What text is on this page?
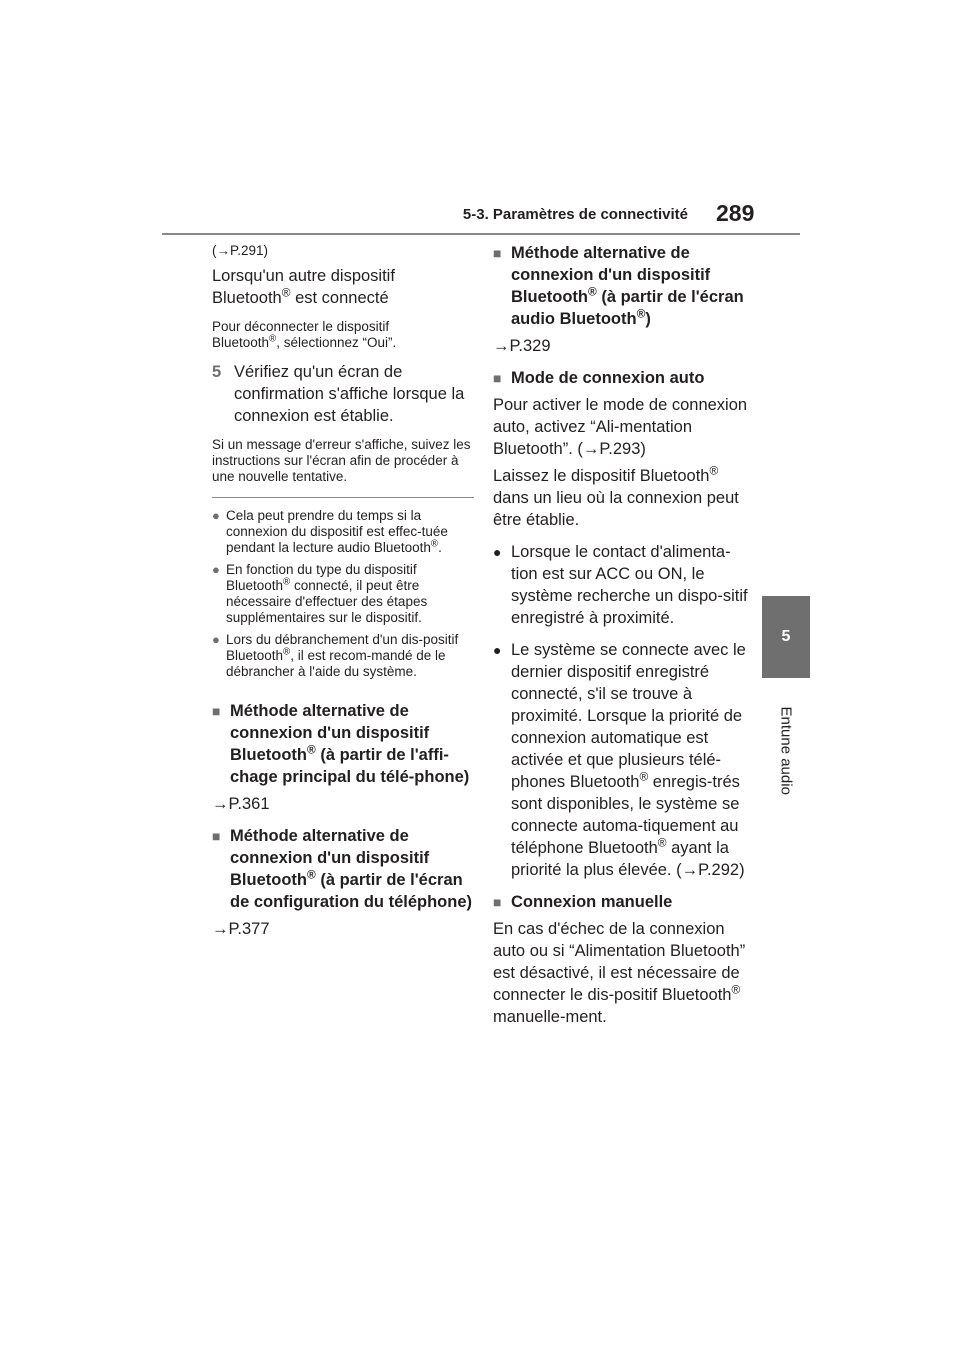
5-3. Paramètres de connectivité 289
5
Entune audio

(→P.291)

Lorsqu'un autre dispositif
Bluetooth® est connecté

Pour déconnecter le dispositif
Bluetooth®, sélectionnez “Oui”.

5 Vérifiez qu'un écran de confirmation s'affiche lorsque la connexion est établie.

Si un message d'erreur s'affiche, suivez les instructions sur l'écran afin de procéder à une nouvelle tentative.

● Cela peut prendre du temps si la connexion du dispositif est effec-tuée pendant la lecture audio Bluetooth®.
● En fonction du type du dispositif Bluetooth® connecté, il peut être nécessaire d'effectuer des étapes supplémentaires sur le dispositif.
● Lors du débranchement d'un dis-positif Bluetooth®, il est recom-mandé de le débrancher à l'aide du système.
■ Méthode alternative de connexion d'un dispositif Bluetooth® (à partir de l'affi-chage principal du télé-phone)

→P.361

■ Méthode alternative de connexion d'un dispositif Bluetooth® (à partir de l'écran de configuration du téléphone)

→P.377

■ Méthode alternative de connexion d'un dispositif Bluetooth® (à partir de l'écran audio Bluetooth®)

→P.329

■ Mode de connexion auto

Pour activer le mode de connexion auto, activez “Ali-mentation Bluetooth”. (→P.293)

Laissez le dispositif Bluetooth® dans un lieu où la connexion peut être établie.

● Lorsque le contact d'alimenta-tion est sur ACC ou ON, le système recherche un dispo-sitif enregistré à proximité.
● Le système se connecte avec le dernier dispositif enregistré connecté, s'il se trouve à proximité. Lorsque la priorité de connexion automatique est activée et que plusieurs télé-phones Bluetooth® enregis-trés sont disponibles, le système se connecte automa-tiquement au téléphone Bluetooth® ayant la priorité la plus élevée. (→P.292)
■ Connexion manuelle

En cas d'échec de la connexion auto ou si “Alimentation Bluetooth” est désactivé, il est nécessaire de connecter le dis-positif Bluetooth® manuelle-ment.
